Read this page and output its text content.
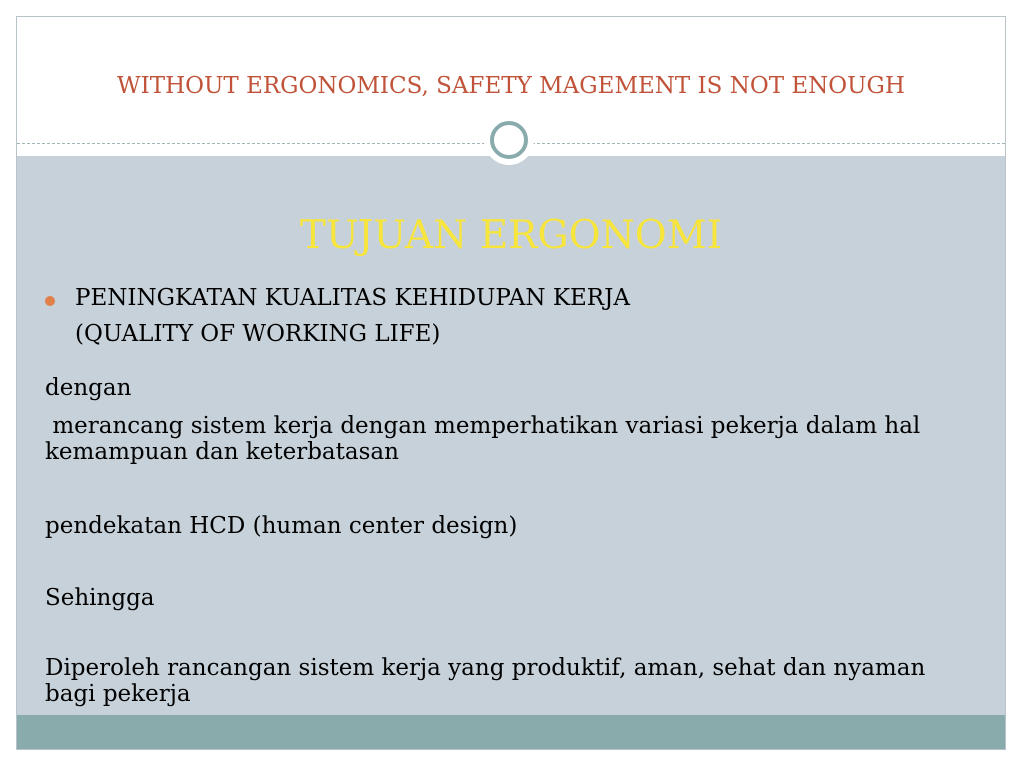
WITHOUT ERGONOMICS, SAFETY MAGEMENT IS NOT ENOUGH
TUJUAN ERGONOMI
PENINGKATAN KUALITAS KEHIDUPAN KERJA
(QUALITY OF WORKING LIFE)
dengan
merancang sistem kerja dengan memperhatikan variasi pekerja dalam hal kemampuan dan keterbatasan
pendekatan HCD (human center design)
Sehingga
Diperoleh rancangan sistem kerja yang produktif, aman, sehat dan nyaman bagi pekerja
